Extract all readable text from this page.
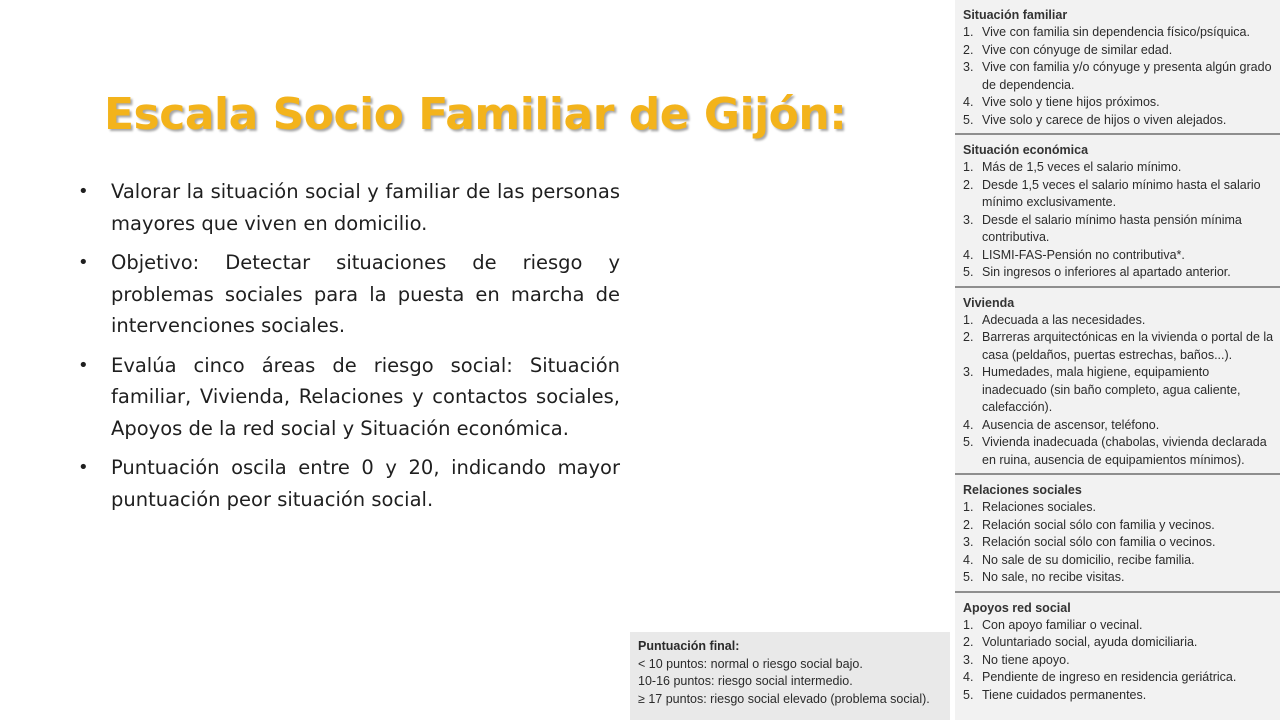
Escala Socio Familiar de Gijón:
• Valorar la situación social y familiar de las personas mayores que viven en domicilio.
• Objetivo: Detectar situaciones de riesgo y problemas sociales para la puesta en marcha de intervenciones sociales.
• Evalúa cinco áreas de riesgo social: Situación familiar, Vivienda, Relaciones y contactos sociales, Apoyos de la red social y Situación económica.
• Puntuación oscila entre 0 y 20, indicando mayor puntuación peor situación social.
Situación familiar
1. Vive con familia sin dependencia físico/psíquica.
2. Vive con cónyuge de similar edad.
3. Vive con familia y/o cónyuge y presenta algún grado de dependencia.
4. Vive solo y tiene hijos próximos.
5. Vive solo y carece de hijos o viven alejados.
Situación económica
1. Más de 1,5 veces el salario mínimo.
2. Desde 1,5 veces el salario mínimo hasta el salario mínimo exclusivamente.
3. Desde el salario mínimo hasta pensión mínima contributiva.
4. LISMI-FAS-Pensión no contributiva*.
5. Sin ingresos o inferiores al apartado anterior.
Vivienda
1. Adecuada a las necesidades.
2. Barreras arquitectónicas en la vivienda o portal de la casa (peldaños, puertas estrechas, baños...).
3. Humedades, mala higiene, equipamiento inadecuado (sin baño completo, agua caliente, calefacción).
4. Ausencia de ascensor, teléfono.
5. Vivienda inadecuada (chabolas, vivienda declarada en ruina, ausencia de equipamientos mínimos).
Relaciones sociales
1. Relaciones sociales.
2. Relación social sólo con familia y vecinos.
3. Relación social sólo con familia o vecinos.
4. No sale de su domicilio, recibe familia.
5. No sale, no recibe visitas.
Apoyos red social
1. Con apoyo familiar o vecinal.
2. Voluntariado social, ayuda domiciliaria.
3. No tiene apoyo.
4. Pendiente de ingreso en residencia geriátrica.
5. Tiene cuidados permanentes.
Puntuación final:
< 10 puntos: normal o riesgo social bajo.
10-16 puntos: riesgo social intermedio.
≥ 17 puntos: riesgo social elevado (problema social).
